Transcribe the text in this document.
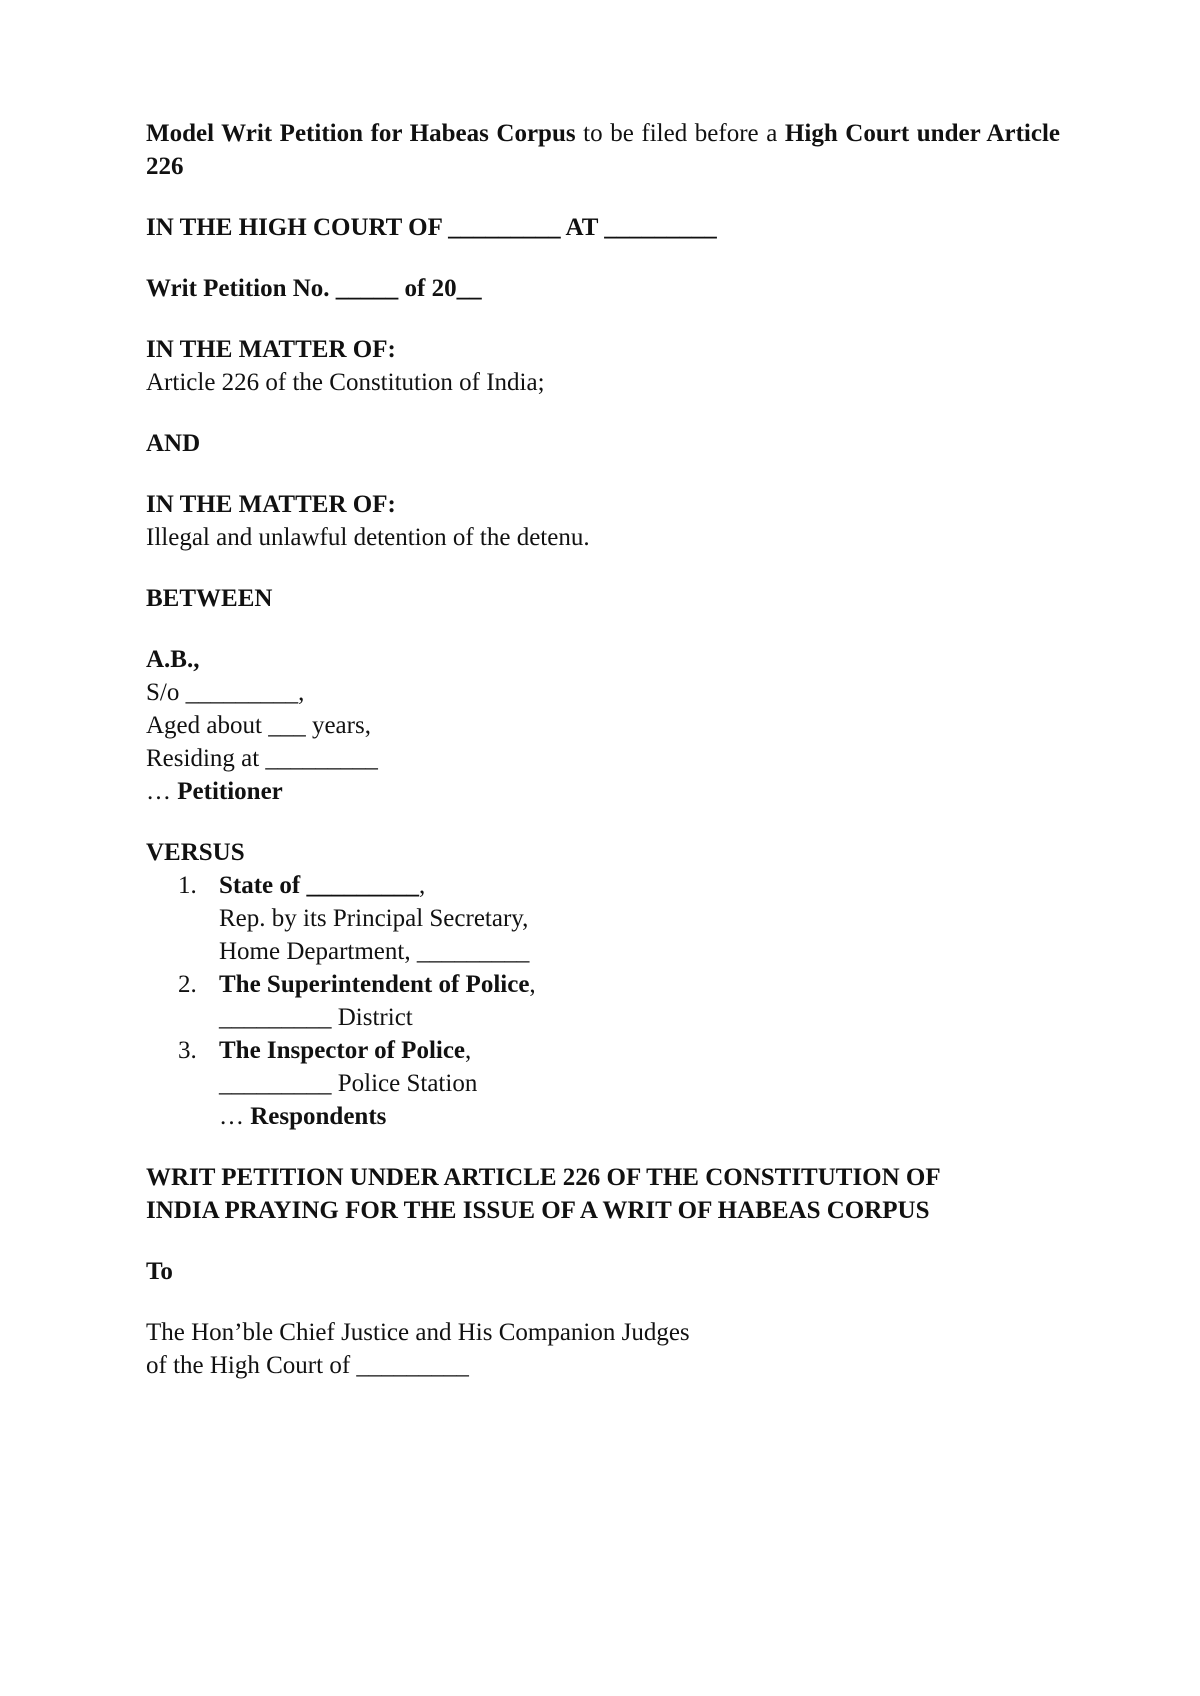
Model Writ Petition for Habeas Corpus to be filed before a High Court under Article 226

IN THE HIGH COURT OF _________ AT _________

Writ Petition No. _____ of 20__

IN THE MATTER OF:

Article 226 of the Constitution of India;

AND

IN THE MATTER OF:

Illegal and unlawful detention of the detenu.

BETWEEN

A.B.,

S/o _________,

Aged about ___ years,

Residing at _________

… Petitioner

VERSUS

1. State of _________,

Rep. by its Principal Secretary,

Home Department, _________

2. The Superintendent of Police,

_________ District

3. The Inspector of Police,

_________ Police Station

… Respondents

WRIT PETITION UNDER ARTICLE 226 OF THE CONSTITUTION OF

INDIA PRAYING FOR THE ISSUE OF A WRIT OF HABEAS CORPUS

To

The Hon’ble Chief Justice and His Companion Judges

of the High Court of _________
